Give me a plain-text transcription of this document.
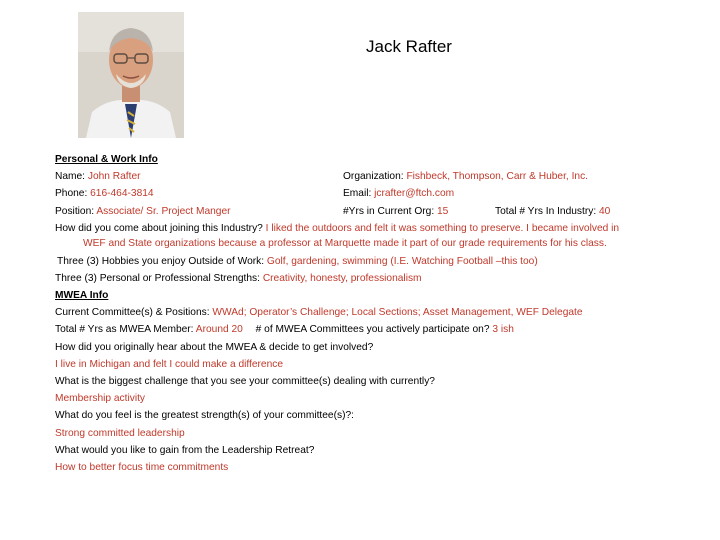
Jack Rafter
Personal & Work Info
Name: John Rafter	Organization: Fishbeck, Thompson, Carr & Huber, Inc.
Phone: 616-464-3814	Email: jcrafter@ftch.com
Position: Associate/ Sr. Project Manger	#Yrs in Current Org: 15	Total # Yrs In Industry: 40
How did you come about joining this Industry? I liked the outdoors and felt it was something to preserve. I became involved in
WEF and State organizations because a professor at Marquette made it part of our grade requirements for his class.
Three (3) Hobbies you enjoy Outside of Work: Golf, gardening, swimming (I.E. Watching Football –this too)
Three (3) Personal or Professional Strengths: Creativity, honesty, professionalism
MWEA Info
Current Committee(s) & Positions: WWAd; Operator’s Challenge; Local Sections; Asset Management, WEF Delegate
Total # Yrs as MWEA Member: Around 20 # of MWEA Committees you actively participate on? 3 ish
How did you originally hear about the MWEA & decide to get involved?
I live in Michigan and felt I could make a difference
What is the biggest challenge that you see your committee(s) dealing with currently?
Membership activity
What do you feel is the greatest strength(s) of your committee(s)?:
Strong committed leadership
What would you like to gain from the Leadership Retreat?
How to better focus time commitments
